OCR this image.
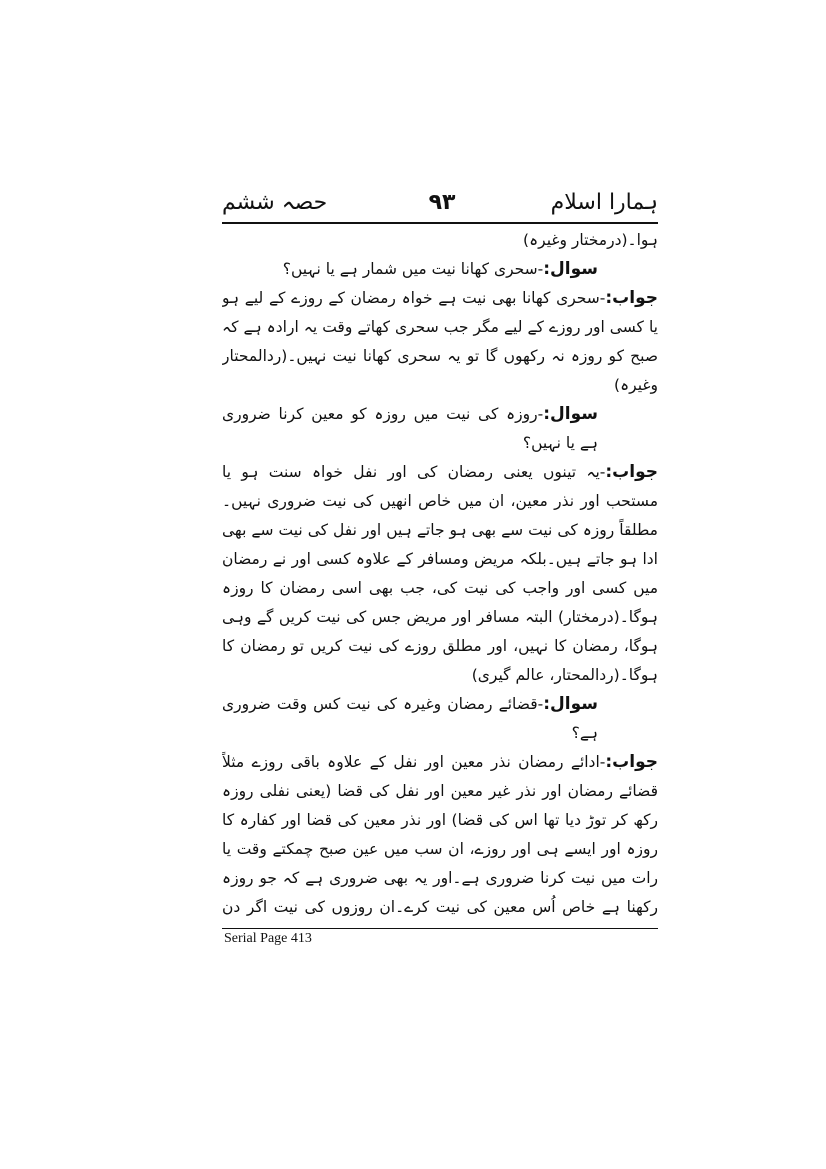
حصہ ششم	۹۳	ہمارا اسلام

ہوا۔(درمختار وغیرہ)

سوال:-سحری کھانا نیت میں شمار ہے یا نہیں؟

جواب:-سحری کھانا بھی نیت ہے خواہ رمضان کے روزے کے لیے ہو یا کسی اور روزے کے لیے مگر جب سحری کھاتے وقت یہ ارادہ ہے کہ صبح کو روزہ نہ رکھوں گا تو یہ سحری کھانا نیت نہیں۔(ردالمحتار وغیرہ)

سوال:-روزہ کی نیت میں روزہ کو معین کرنا ضروری ہے یا نہیں؟

جواب:-یہ تینوں یعنی رمضان کی اور نفل خواہ سنت ہو یا مستحب اور نذر معین، ان میں خاص انھیں کی نیت ضروری نہیں۔مطلقاً روزہ کی نیت سے بھی ہو جاتے ہیں اور نفل کی نیت سے بھی ادا ہو جاتے ہیں۔بلکہ مریض ومسافر کے علاوہ کسی اور نے رمضان میں کسی اور واجب کی نیت کی، جب بھی اسی رمضان کا روزہ ہوگا۔(درمختار) البتہ مسافر اور مریض جس کی نیت کریں گے وہی ہوگا، رمضان کا نہیں، اور مطلق روزے کی نیت کریں تو رمضان کا ہوگا۔(ردالمحتار، عالم گیری)

سوال:-قضائے رمضان وغیرہ کی نیت کس وقت ضروری ہے؟

جواب:-ادائے رمضان نذر معین اور نفل کے علاوہ باقی روزے مثلاً قضائے رمضان اور نذر غیر معین اور نفل کی قضا (یعنی نفلی روزہ رکھ کر توڑ دیا تھا اس کی قضا) اور نذر معین کی قضا اور کفارہ کا روزہ اور ایسے ہی اور روزے، ان سب میں عین صبح چمکتے وقت یا رات میں نیت کرنا ضروری ہے۔اور یہ بھی ضروری ہے کہ جو روزہ رکھنا ہے خاص اُس معین کی نیت کرے۔ان روزوں کی نیت اگر دن

Serial Page 413
